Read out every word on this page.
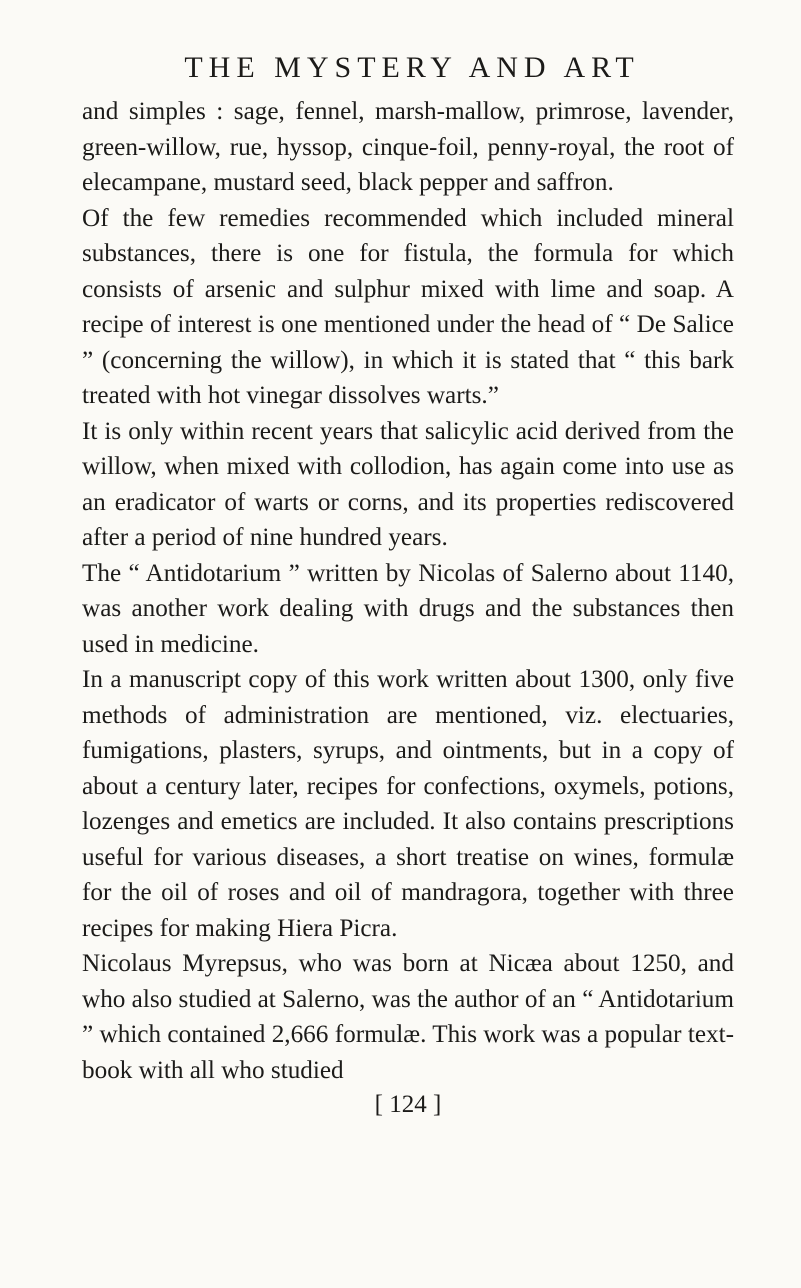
THE MYSTERY AND ART

and simples : sage, fennel, marsh-mallow, primrose, lavender, green-willow, rue, hyssop, cinque-foil, penny-royal, the root of elecampane, mustard seed, black pepper and saffron.

Of the few remedies recommended which included mineral substances, there is one for fistula, the formula for which consists of arsenic and sulphur mixed with lime and soap. A recipe of interest is one mentioned under the head of “ De Salice ” (concerning the willow), in which it is stated that “ this bark treated with hot vinegar dissolves warts.”

It is only within recent years that salicylic acid derived from the willow, when mixed with collodion, has again come into use as an eradicator of warts or corns, and its properties rediscovered after a period of nine hundred years.

The “ Antidotarium ” written by Nicolas of Salerno about 1140, was another work dealing with drugs and the substances then used in medicine.

In a manuscript copy of this work written about 1300, only five methods of administration are mentioned, viz. electuaries, fumigations, plasters, syrups, and ointments, but in a copy of about a century later, recipes for confections, oxymels, potions, lozenges and emetics are included. It also contains prescriptions useful for various diseases, a short treatise on wines, formulæ for the oil of roses and oil of mandragora, together with three recipes for making Hiera Picra.

Nicolaus Myrepsus, who was born at Nicæa about 1250, and who also studied at Salerno, was the author of an “ Antidotarium ” which contained 2,666 formulæ. This work was a popular text-book with all who studied

[ 124 ]
